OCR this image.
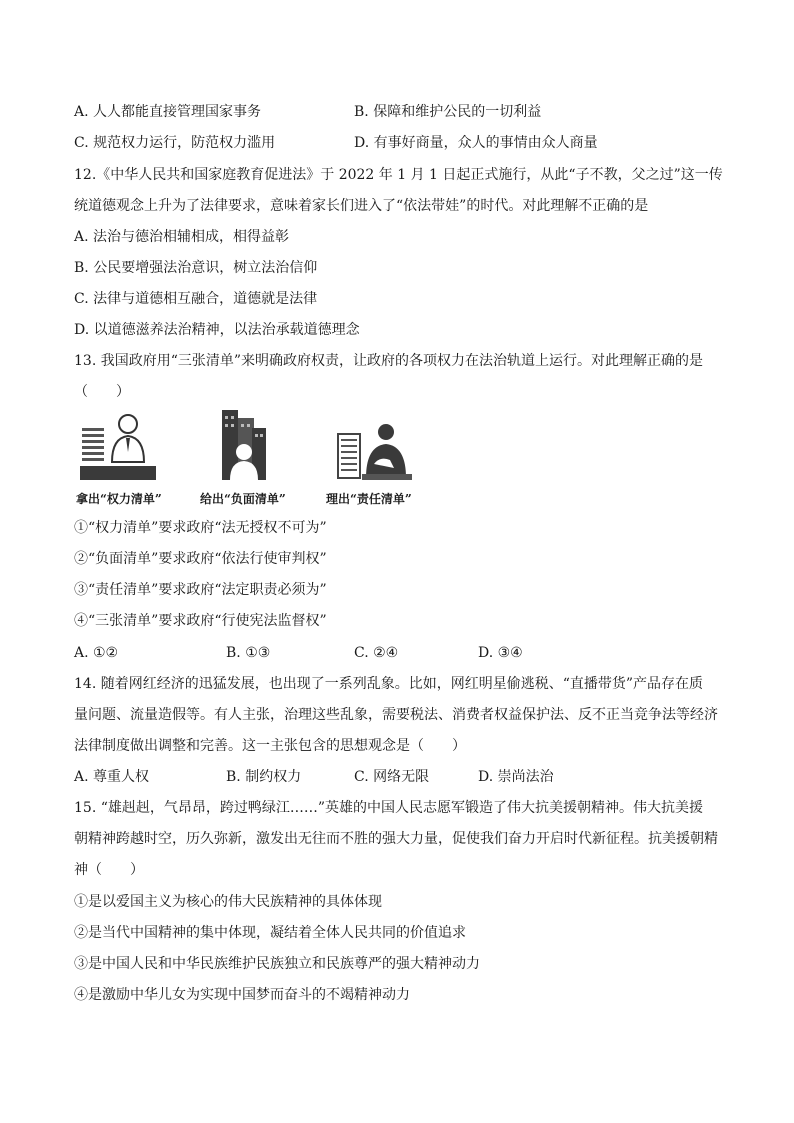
A. 人人都能直接管理国家事务	B. 保障和维护公民的一切利益
C. 规范权力运行，防范权力滥用	D. 有事好商量，众人的事情由众人商量
12.《中华人民共和国家庭教育促进法》于 2022 年 1 月 1 日起正式施行，从此“子不教，父之过”这一传
统道德观念上升为了法律要求，意味着家长们进入了“依法带娃”的时代。对此理解不正确的是
A. 法治与德治相辅相成，相得益彰
B. 公民要增强法治意识，树立法治信仰
C. 法律与道德相互融合，道德就是法律
D. 以道德滋养法治精神，以法治承载道德理念
13. 我国政府用“三张清单”来明确政府权责，让政府的各项权力在法治轨道上运行。对此理解正确的是
（　　）
拿出“权力清单”	给出“负面清单”	理出“责任清单”
①“权力清单”要求政府“法无授权不可为”
②“负面清单”要求政府“依法行使审判权”
③“责任清单”要求政府“法定职责必须为”
④“三张清单”要求政府“行使宪法监督权”
A. ①②	B. ①③	C. ②④	D. ③④
14. 随着网红经济的迅猛发展，也出现了一系列乱象。比如，网红明星偷逃税、“直播带货”产品存在质
量问题、流量造假等。有人主张，治理这些乱象，需要税法、消费者权益保护法、反不正当竞争法等经济
法律制度做出调整和完善。这一主张包含的思想观念是（　　）
A. 尊重人权	B. 制约权力	C. 网络无限	D. 崇尚法治
15. “雄赳赳，气昂昂，跨过鸭绿江……”英雄的中国人民志愿军锻造了伟大抗美援朝精神。伟大抗美援
朝精神跨越时空，历久弥新，激发出无往而不胜的强大力量，促使我们奋力开启时代新征程。抗美援朝精
神（　　）
①是以爱国主义为核心的伟大民族精神的具体体现
②是当代中国精神的集中体现，凝结着全体人民共同的价值追求
③是中国人民和中华民族维护民族独立和民族尊严的强大精神动力
④是激励中华儿女为实现中国梦而奋斗的不竭精神动力
